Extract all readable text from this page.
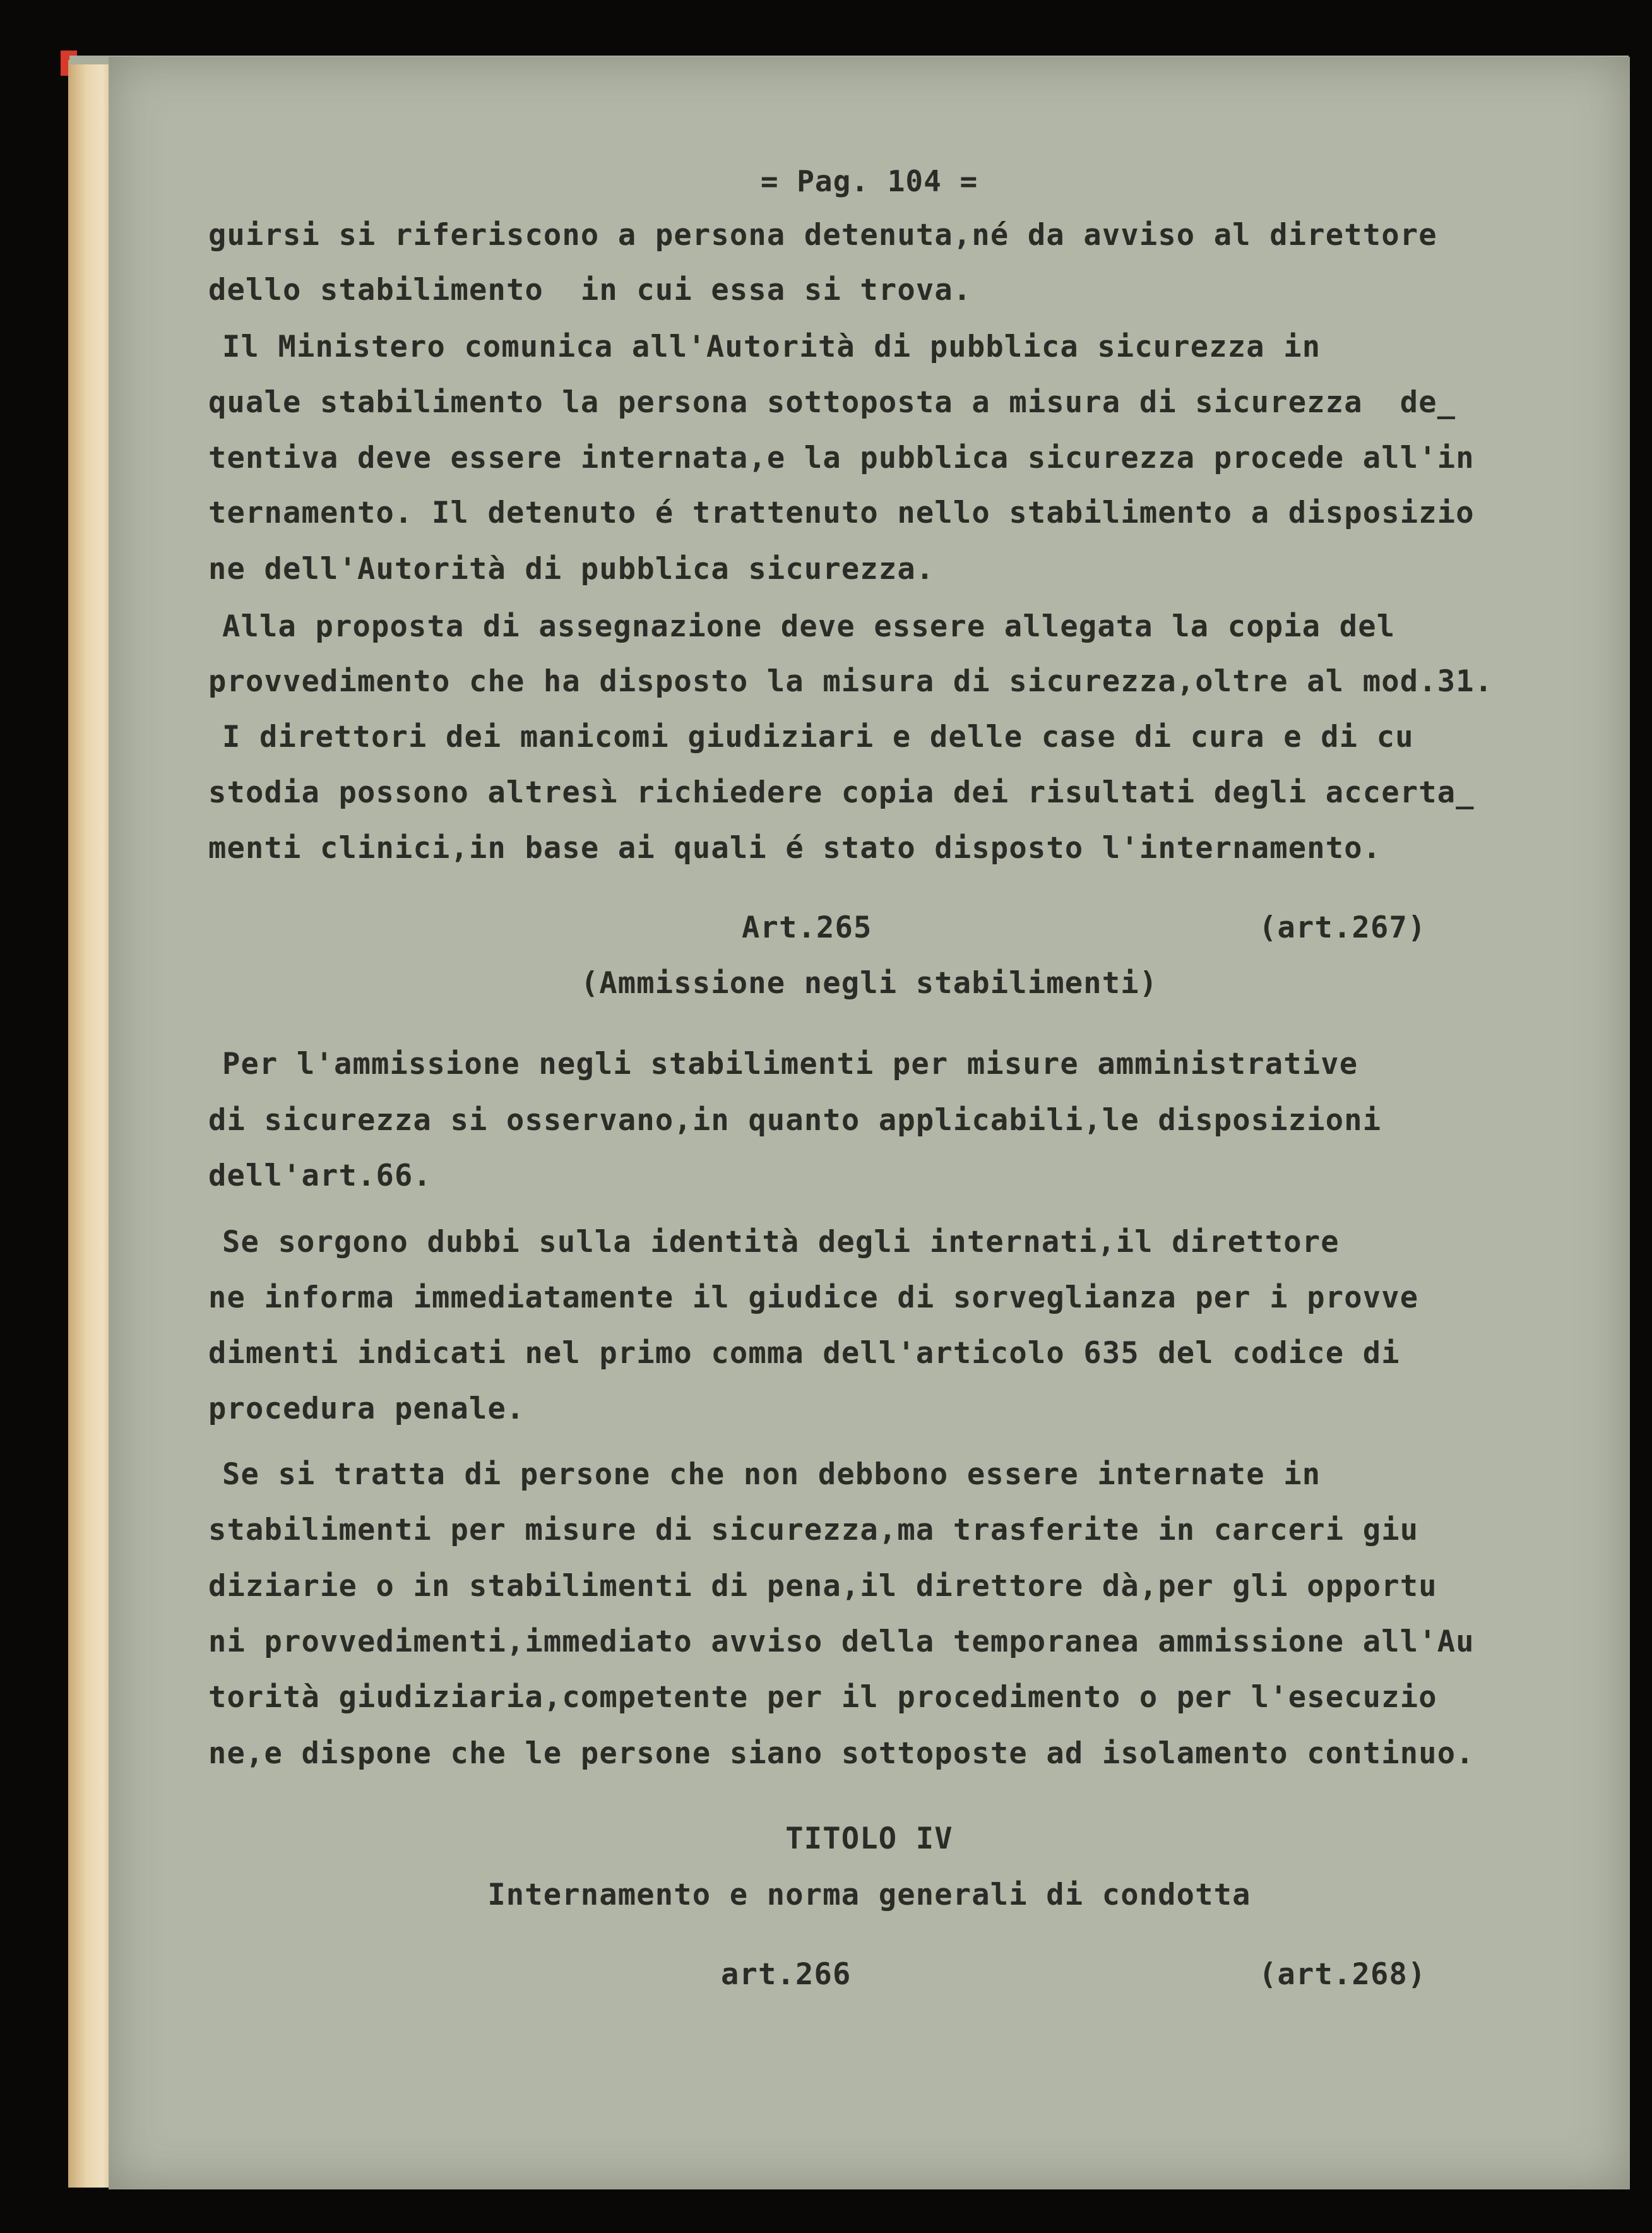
= Pag. 104 =

guirsi si riferiscono a persona detenuta,né da avviso al direttore

dello stabilimento  in cui essa si trova.

Il Ministero comunica all'Autorità di pubblica sicurezza in

quale stabilimento la persona sottoposta a misura di sicurezza  de_

tentiva deve essere internata,e la pubblica sicurezza procede all'in

ternamento. Il detenuto é trattenuto nello stabilimento a disposizio

ne dell'Autorità di pubblica sicurezza.

Alla proposta di assegnazione deve essere allegata la copia del

provvedimento che ha disposto la misura di sicurezza,oltre al mod.31.

I direttori dei manicomi giudiziari e delle case di cura e di cu

stodia possono altresì richiedere copia dei risultati degli accerta_

menti clinici,in base ai quali é stato disposto l'internamento.

Art.265

	(art.267)

(Ammissione negli stabilimenti)

Per l'ammissione negli stabilimenti per misure amministrative

di sicurezza si osservano,in quanto applicabili,le disposizioni

dell'art.66.

Se sorgono dubbi sulla identità degli internati,il direttore

ne informa immediatamente il giudice di sorveglianza per i provve

dimenti indicati nel primo comma dell'articolo 635 del codice di

procedura penale.

Se si tratta di persone che non debbono essere internate in

stabilimenti per misure di sicurezza,ma trasferite in carceri giu

diziarie o in stabilimenti di pena,il direttore dà,per gli opportu

ni provvedimenti,immediato avviso della temporanea ammissione all'Au

torità giudiziaria,competente per il procedimento o per l'esecuzio

ne,e dispone che le persone siano sottoposte ad isolamento continuo.

TITOLO IV

Internamento e norma generali di condotta

art.266

	(art.268)
